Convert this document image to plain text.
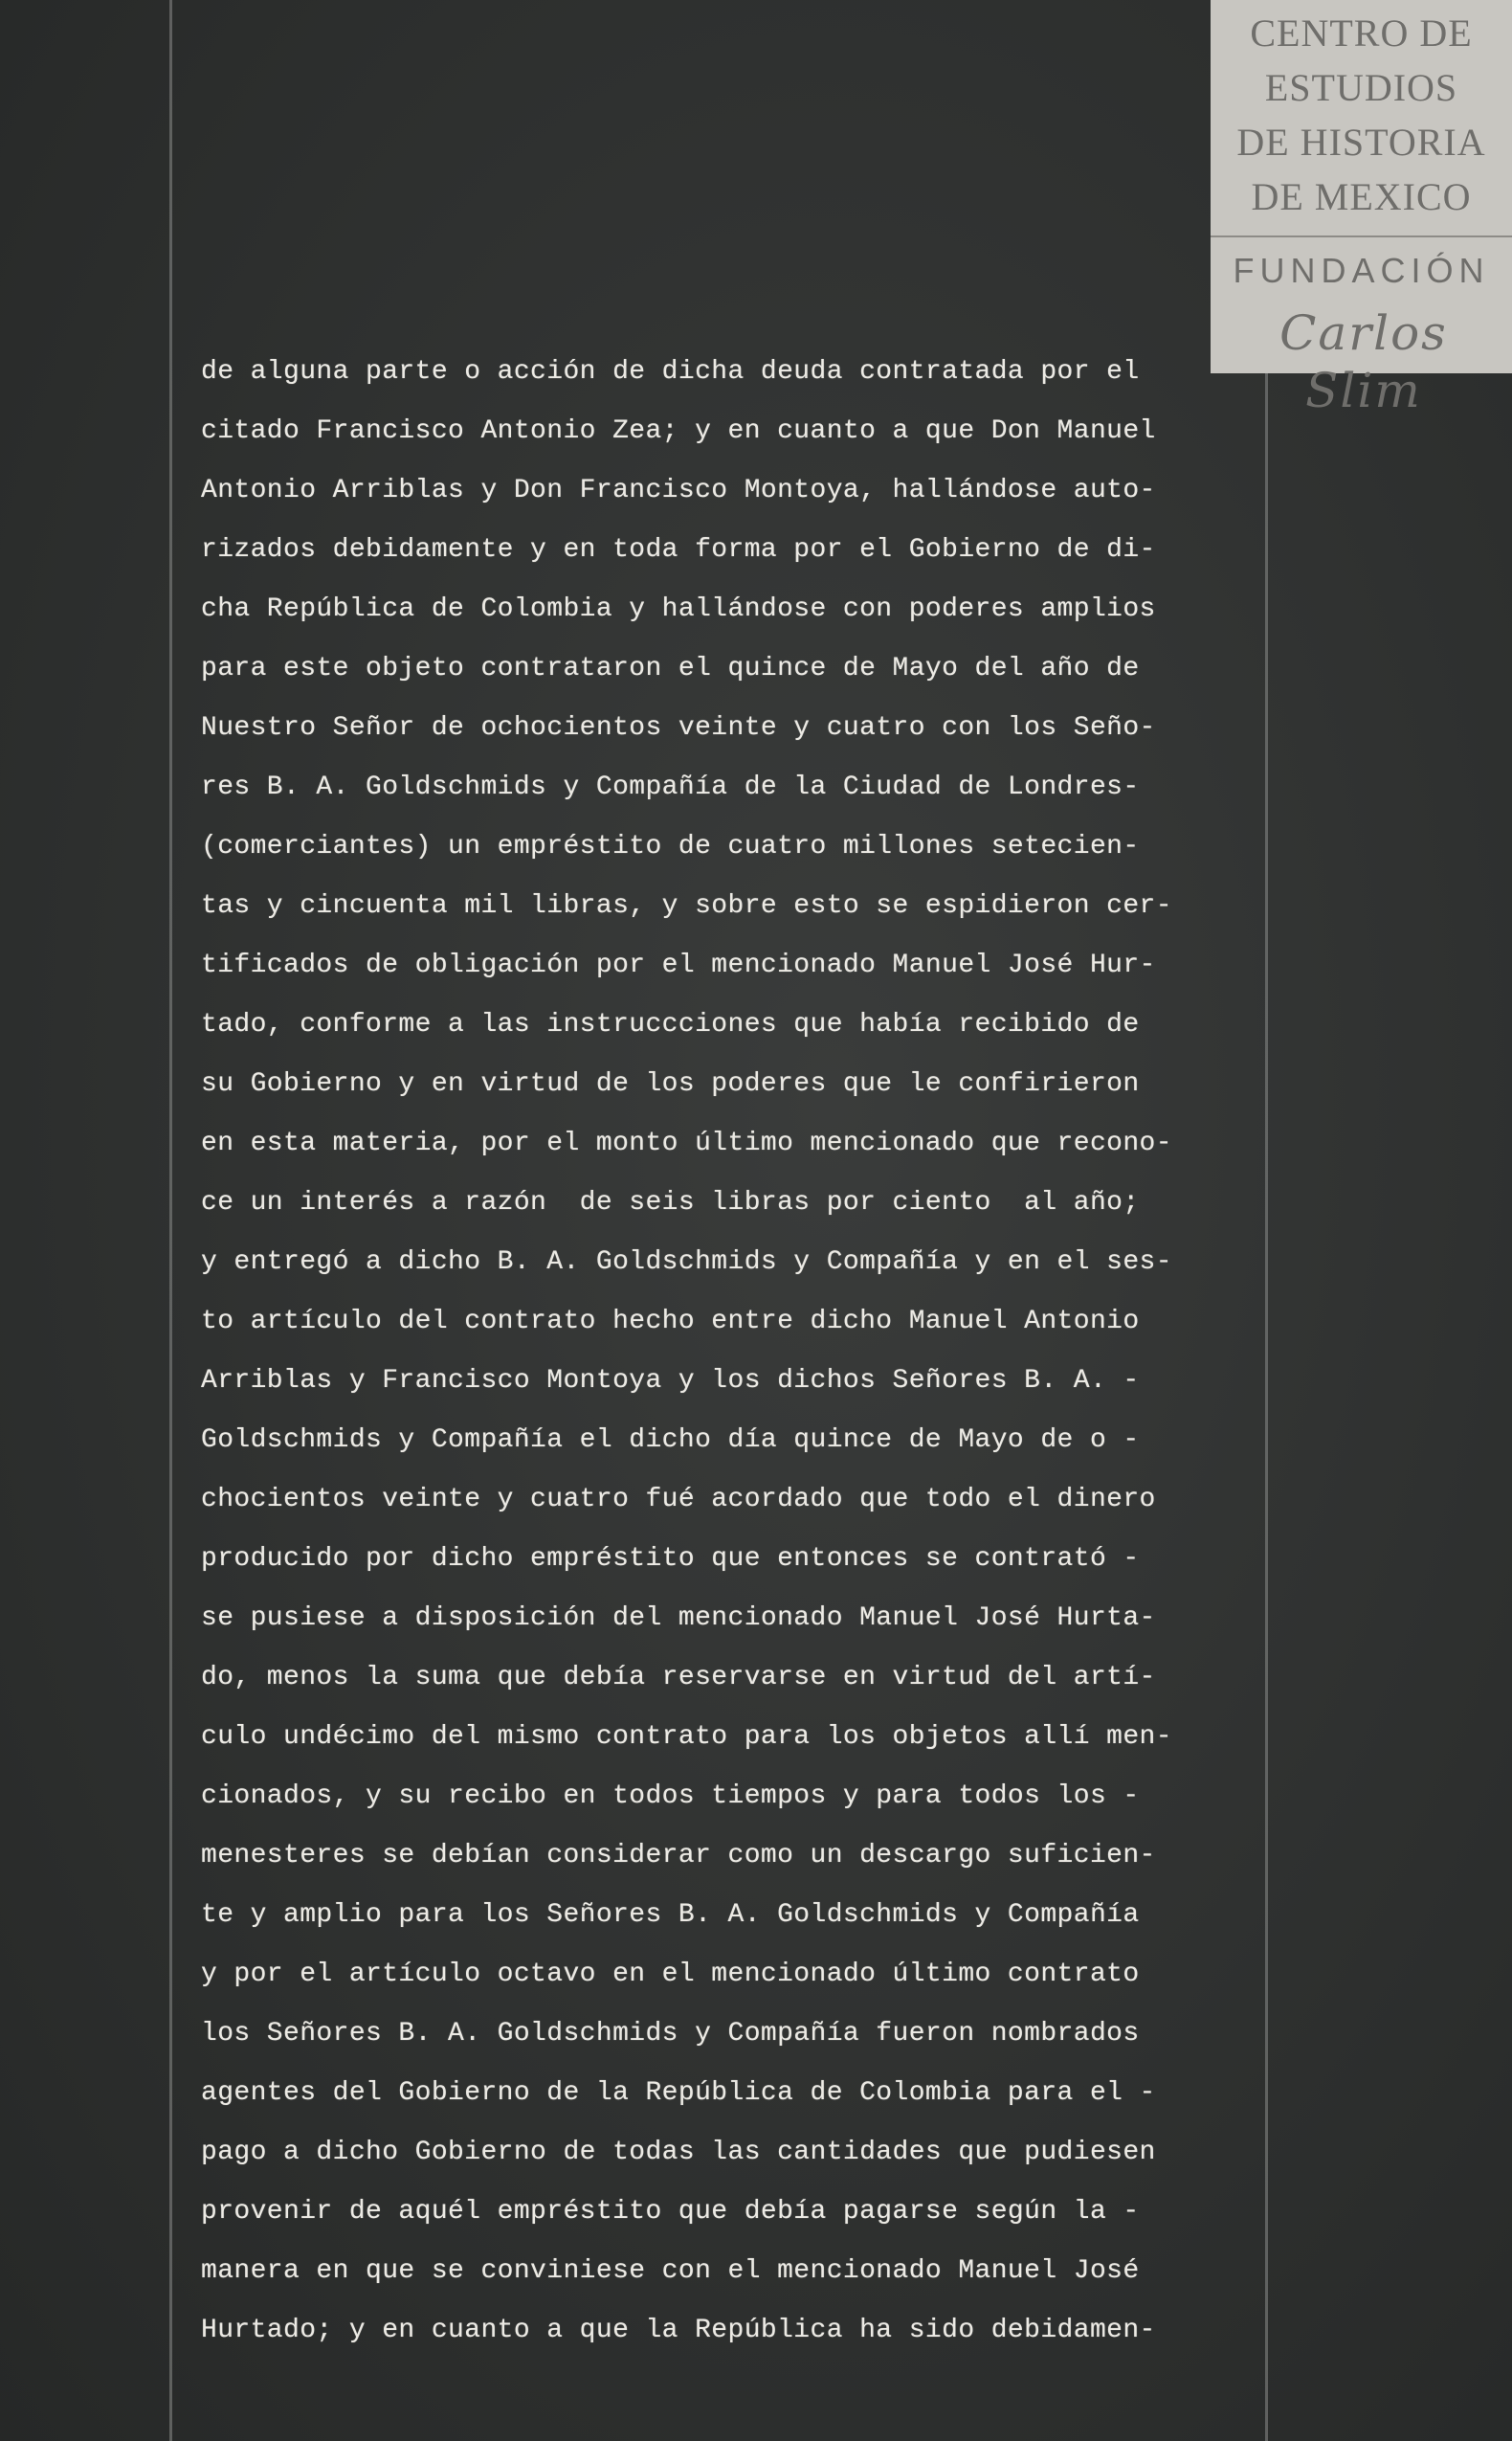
CENTRO DE
ESTUDIOS
DE HISTORIA
DE MEXICO
FUNDACIÓN
Carlos Slim
de alguna parte o acción de dicha deuda contratada por el
citado Francisco Antonio Zea; y en cuanto a que Don Manuel
Antonio Arriblas y Don Francisco Montoya, hallándose auto-
rizados debidamente y en toda forma por el Gobierno de di-
cha República de Colombia y hallándose con poderes amplios
para este objeto contrataron el quince de Mayo del año de
Nuestro Señor de ochocientos veinte y cuatro con los Seño-
res B. A. Goldschmids y Compañía de la Ciudad de Londres-
(comerciantes) un empréstito de cuatro millones setecien-
tas y cincuenta mil libras, y sobre esto se espidieron cer-
tificados de obligación por el mencionado Manuel José Hur-
tado, conforme a las instruccciones que había recibido de
su Gobierno y en virtud de los poderes que le confirieron
en esta materia, por el monto último mencionado que recono-
ce un interés a razón  de seis libras por ciento  al año;
y entregó a dicho B. A. Goldschmids y Compañía y en el ses-
to artículo del contrato hecho entre dicho Manuel Antonio
Arriblas y Francisco Montoya y los dichos Señores B. A. -
Goldschmids y Compañía el dicho día quince de Mayo de o -
chocientos veinte y cuatro fué acordado que todo el dinero
producido por dicho empréstito que entonces se contrató -
se pusiese a disposición del mencionado Manuel José Hurta-
do, menos la suma que debía reservarse en virtud del artí-
culo undécimo del mismo contrato para los objetos allí men-
cionados, y su recibo en todos tiempos y para todos los -
menesteres se debían considerar como un descargo suficien-
te y amplio para los Señores B. A. Goldschmids y Compañía
y por el artículo octavo en el mencionado último contrato
los Señores B. A. Goldschmids y Compañía fueron nombrados
agentes del Gobierno de la República de Colombia para el -
pago a dicho Gobierno de todas las cantidades que pudiesen
provenir de aquél empréstito que debía pagarse según la -
manera en que se conviniese con el mencionado Manuel José
Hurtado; y en cuanto a que la República ha sido debidamen-
